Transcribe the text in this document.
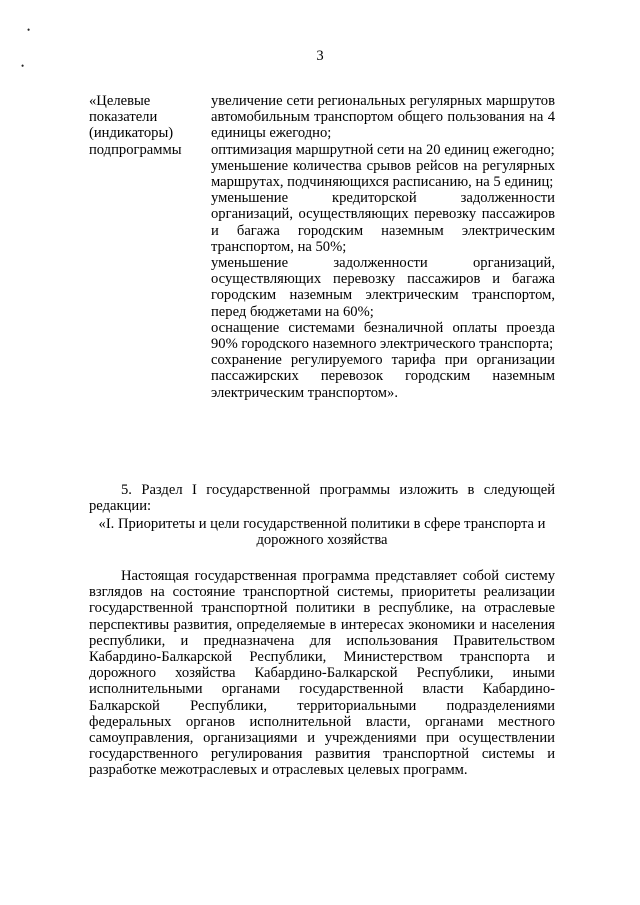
•
•
3
«Целевые показатели (индикаторы) подпрограммы

увеличение сети региональных регулярных маршрутов автомобильным транспортом общего пользования на 4 единицы ежегодно;

оптимизация маршрутной сети на 20 единиц ежегодно;

уменьшение количества срывов рейсов на регулярных маршрутах, подчиняющихся расписанию, на 5 единиц;

уменьшение кредиторской задолженности организаций, осуществляющих перевозку пассажиров и багажа городским наземным электрическим транспортом, на 50%;

уменьшение задолженности организаций, осуществляющих перевозку пассажиров и багажа городским наземным электрическим транспортом, перед бюджетами на 60%;

оснащение системами безналичной оплаты проезда 90% городского наземного электрического транспорта;

сохранение регулируемого тарифа при организации пассажирских перевозок городским наземным электрическим транспортом».

5. Раздел I государственной программы изложить в следующей редакции:

«I. Приоритеты и цели государственной политики в сфере транспорта и дорожного хозяйства

Настоящая государственная программа представляет собой систему взглядов на состояние транспортной системы, приоритеты реализации государственной транспортной политики в республике, на отраслевые перспективы развития, определяемые в интересах экономики и населения республики, и предназначена для использования Правительством Кабардино-Балкарской Республики, Министерством транспорта и дорожного хозяйства Кабардино-Балкарской Республики, иными исполнительными органами государственной власти Кабардино-Балкарской Республики, территориальными подразделениями федеральных органов исполнительной власти, органами местного самоуправления, организациями и учреждениями при осуществлении государственного регулирования развития транспортной системы и разработке межотраслевых и отраслевых целевых программ.
